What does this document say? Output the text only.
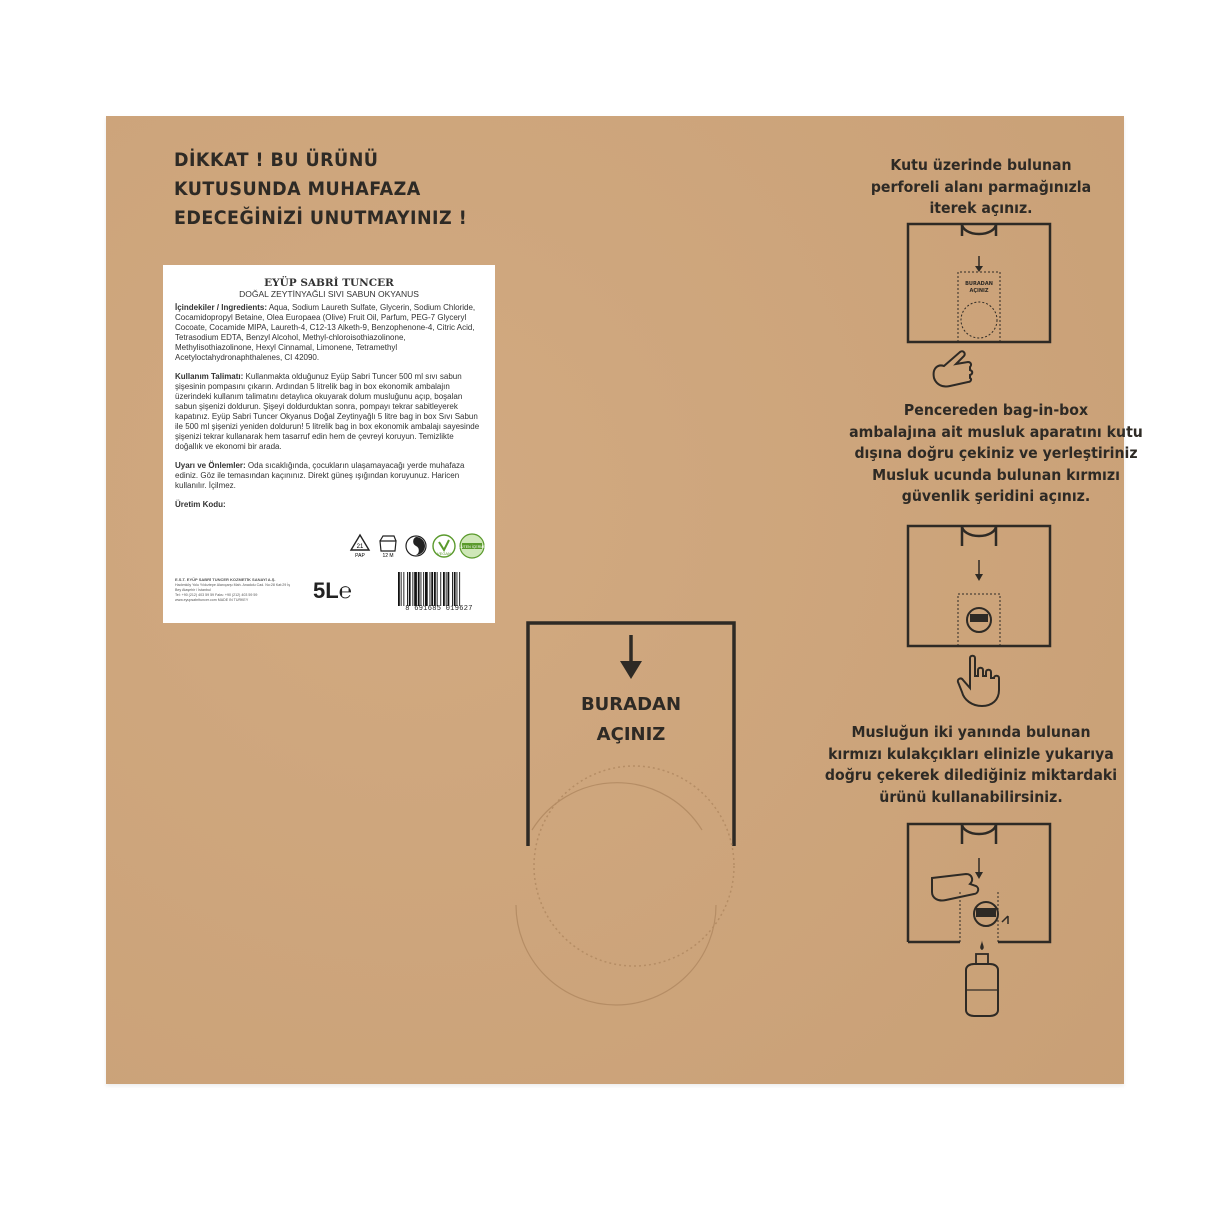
DİKKAT ! BU ÜRÜNÜ
KUTUSUNDA MUHAFAZA
EDECEĞİNİZİ UNUTMAYINIZ !
EYÜP SABRİ TUNCER
DOĞAL ZEYTİNYAĞLI SIVI SABUN OKYANUS
İçindekiler / Ingredients: Aqua, Sodium Laureth Sulfate, Glycerin, Sodium Chloride, Cocamidopropyl Betaine, Olea Europaea (Olive) Fruit Oil, Parfum, PEG-7 Glyceryl Cocoate, Cocamide MIPA, Laureth-4, C12-13 Alketh-9, Benzophenone-4, Citric Acid, Tetrasodium EDTA, Benzyl Alcohol, Methyl-chloroisothiazolinone, Methylisothiazolinone, Hexyl Cinnamal, Limonene, Tetramethyl Acetyloctahydronaphthalenes, CI 42090.
Kullanım Talimatı: Kullanmakta olduğunuz Eyüp Sabri Tuncer 500 ml sıvı sabun şişesinin pompasını çıkarın. Ardından 5 litrelik bag in box ekonomik ambalajın üzerindeki kullanım talimatını detaylıca okuyarak dolum musluğunu açıp, boşalan sabun şişenizi doldurun. Şişeyi doldurduktan sonra, pompayı tekrar sabitleyerek kapatınız. Eyüp Sabri Tuncer Okyanus Doğal Zeytinyağlı 5 litre bag in box Sıvı Sabun ile 500 ml şişenizi yeniden doldurun! 5 litrelik bag in box ekonomik ambalajı sayesinde şişenizi tekrar kullanarak hem tasarruf edin hem de çevreyi koruyun. Temizlikte doğallık ve ekonomi bir arada.
Uyarı ve Önlemler: Oda sıcaklığında, çocukların ulaşamayacağı yerde muhafaza ediniz. Göz ile temasından kaçınınız. Direkt güneş ışığından koruyunuz. Haricen kullanılır. İçilmez.
Üretim Kodu:
21
PAP	12 M	VEGAN
GLUTEN İÇERMEZ
E.S.T. EYÜP SABRİ TUNCER KOZMETİK SANAYİ A.Ş.
Hadımköy Yolu Yıldıztepe Alanıçarşı Mah. Anadolu Cad. No:28 Kat:29 İş Bey Ataşehir / İstanbul
Tel: +90 (212) 403 59 59 Faks: +90 (212) 403 59 59
www.eyupsabrituncer.com MADE IN TURKEY	5L℮
8 691685 019627
BURADAN
AÇINIZ
Kutu üzerinde bulunan
perforeli alanı parmağınızla
iterek açınız.
BURADAN
AÇINIZ
Pencereden bag-in-box
ambalajına ait musluk aparatını kutu
dışına doğru çekiniz ve yerleştiriniz
Musluk ucunda bulunan kırmızı
güvenlik şeridini açınız.
Musluğun iki yanında bulunan
kırmızı kulakçıkları elinizle yukarıya
doğru çekerek dilediğiniz miktardaki
ürünü kullanabilirsiniz.
